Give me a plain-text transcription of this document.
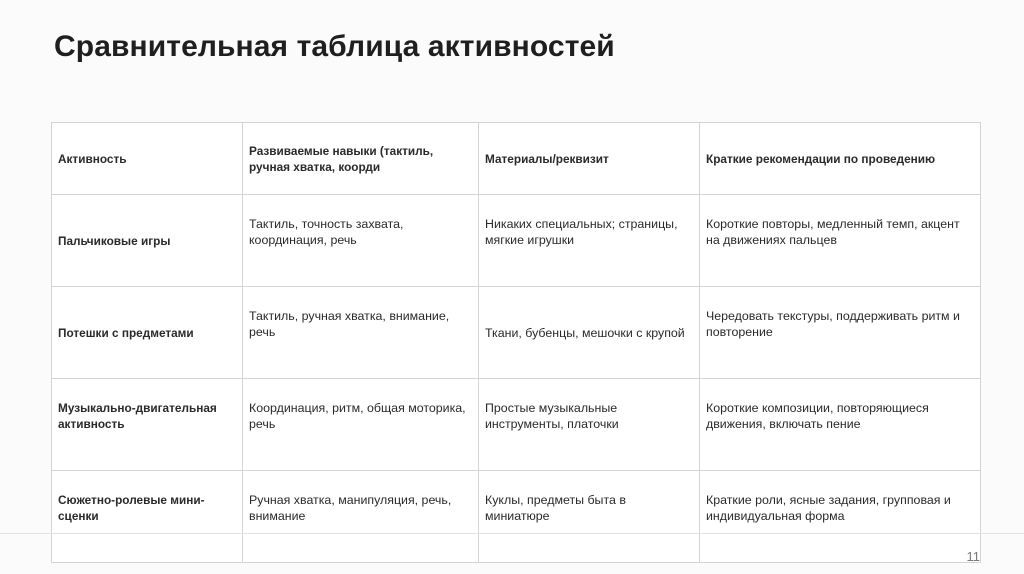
Сравнительная таблица активностей
Активность	Развиваемые навыки (тактиль, ручная хватка, коорди	Материалы/реквизит	Краткие рекомендации по проведению
Пальчиковые игры	Тактиль, точность захвата, координация, речь	Никаких специальных; страницы, мягкие игрушки	Короткие повторы, медленный темп, акцент на движениях пальцев
Потешки с предметами	Тактиль, ручная хватка, внимание, речь	Ткани, бубенцы, мешочки с крупой	Чередовать текстуры, поддерживать ритм и повторение
Музыкально-двигательная активность	Координация, ритм, общая моторика, речь	Простые музыкальные инструменты, платочки	Короткие композиции, повторяющиеся движения, включать пение
Сюжетно-ролевые мини-сценки	Ручная хватка, манипуляция, речь, внимание	Куклы, предметы быта в миниатюре	Краткие роли, ясные задания, групповая и индивидуальная форма
11
